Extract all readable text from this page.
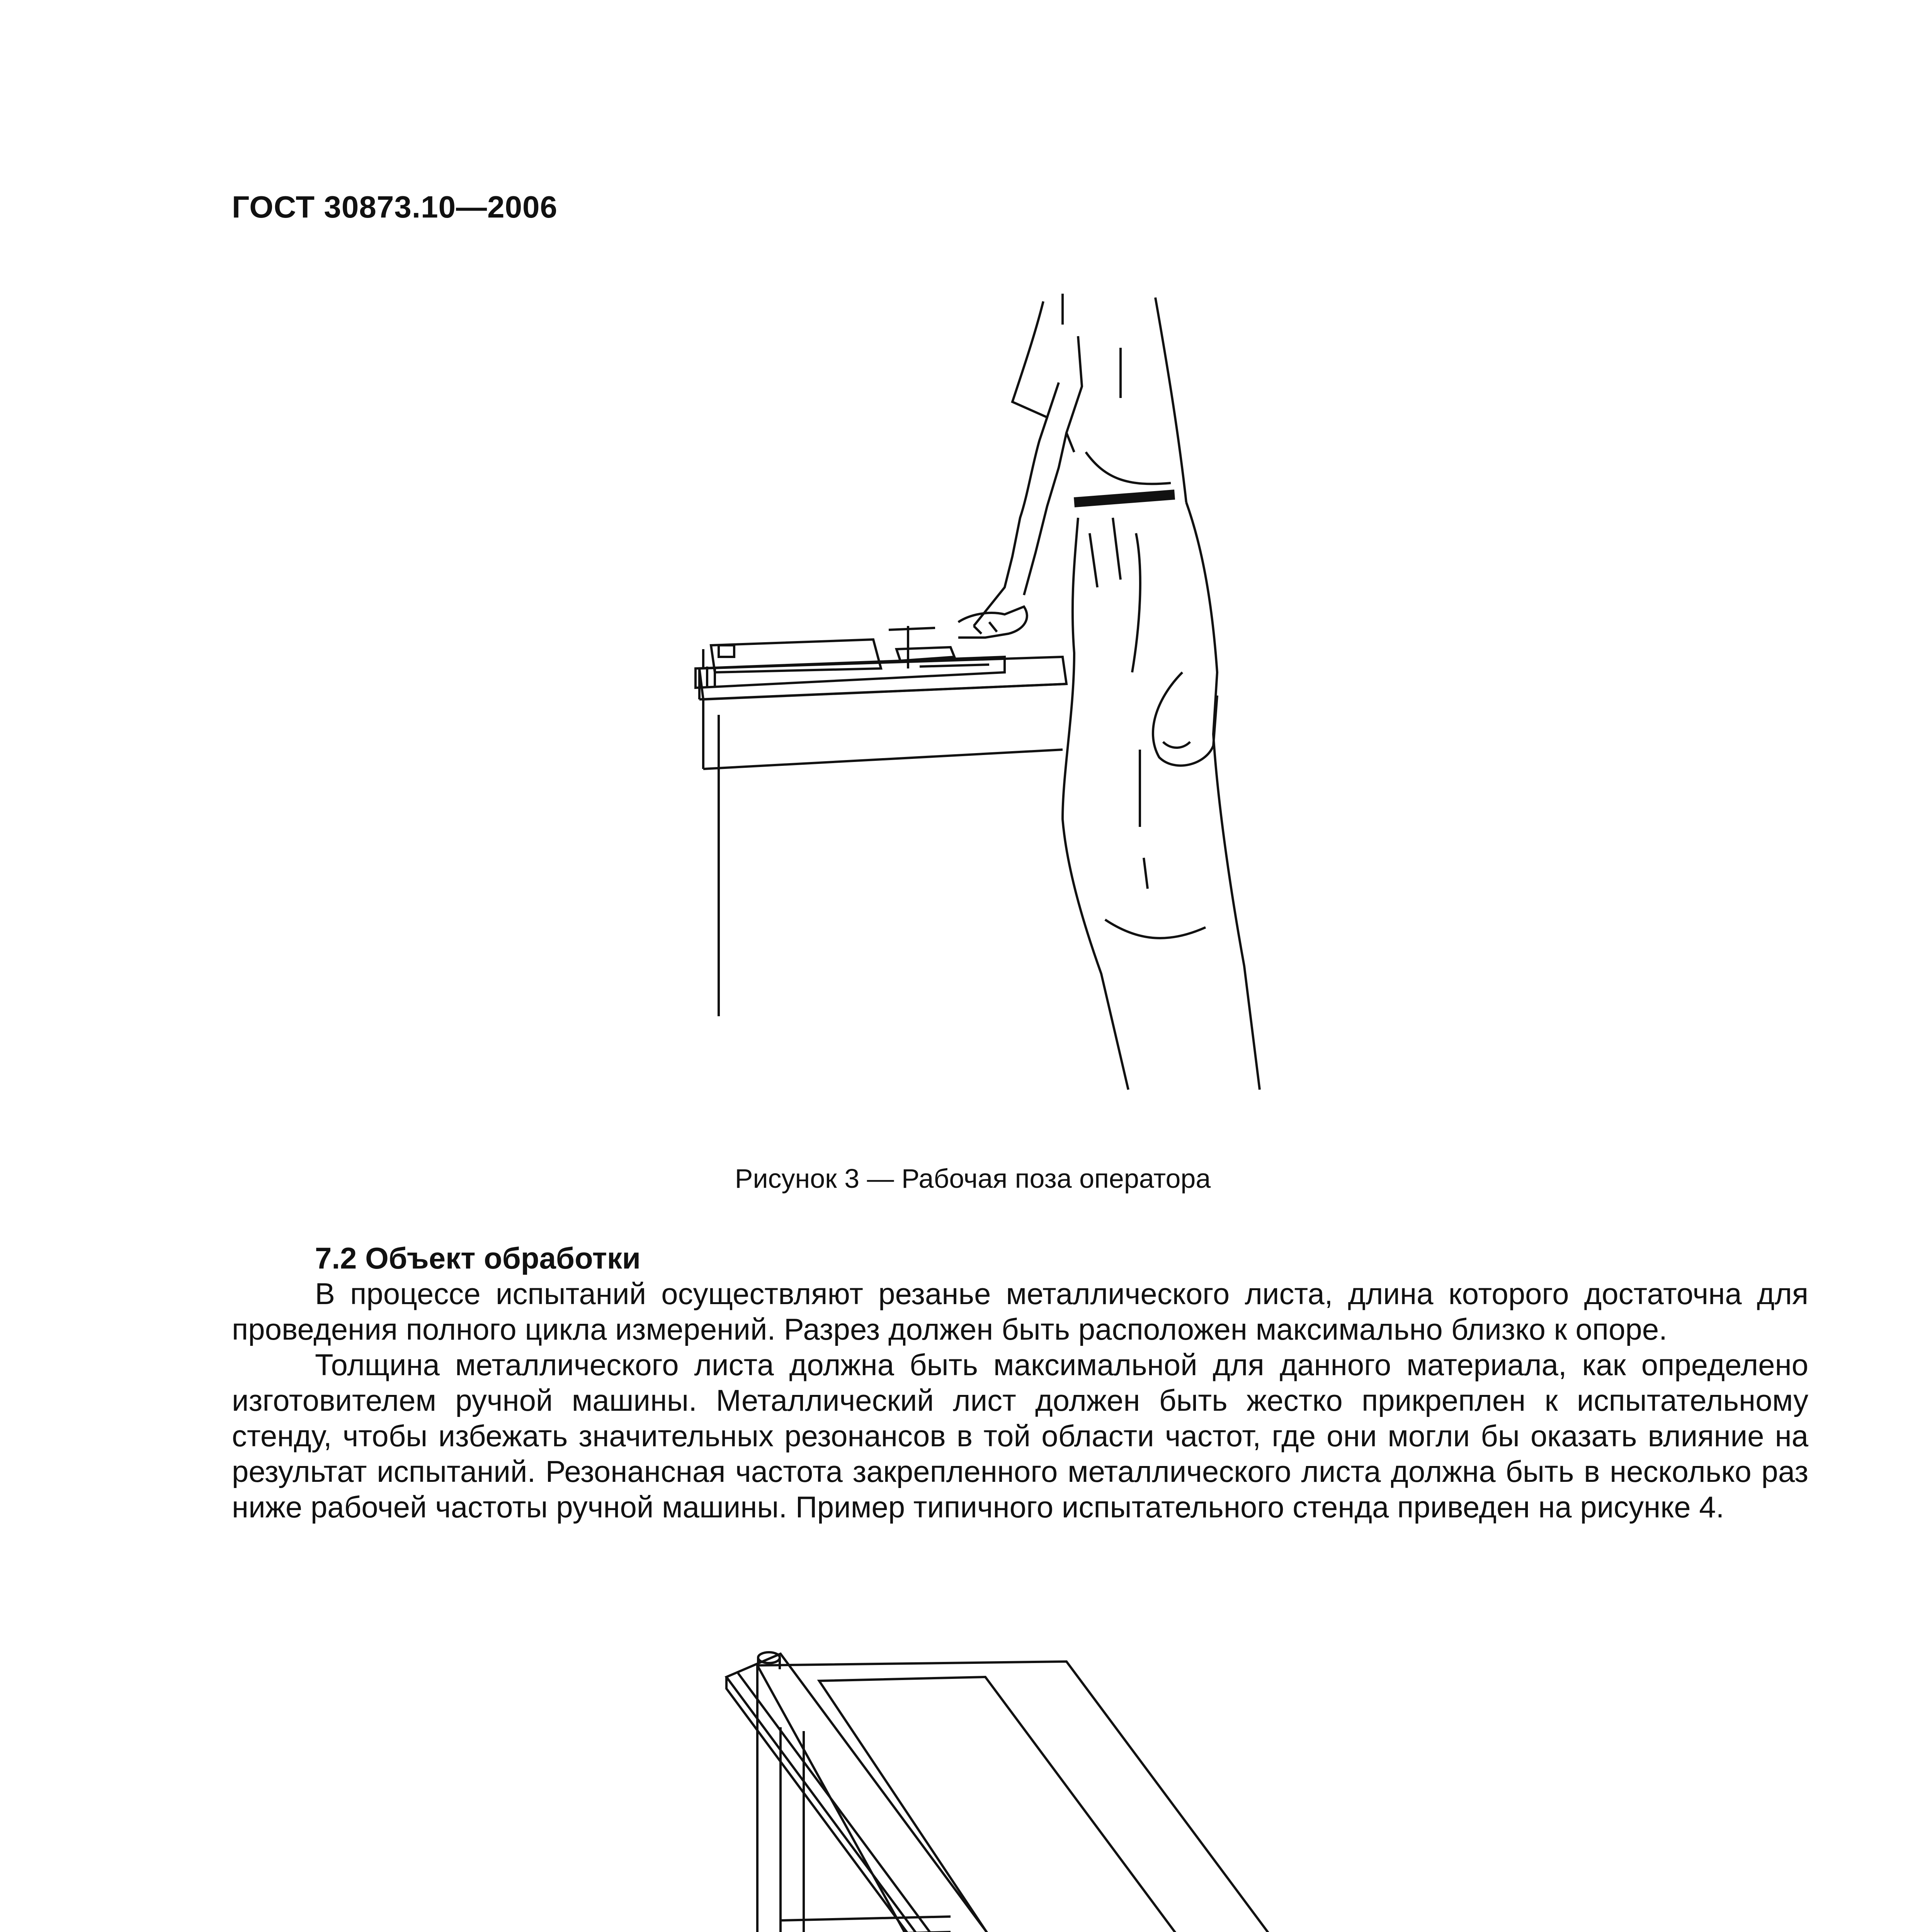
ГОСТ 30873.10—2006
Рисунок 3 — Рабочая поза оператора

7.2 Объект обработки

В процессе испытаний осуществляют резанье металлического листа, длина которого достаточна для проведения полного цикла измерений. Разрез должен быть расположен максимально близко к опоре.

Толщина металлического листа должна быть максимальной для данного материала, как определено изготовителем ручной машины. Металлический лист должен быть жестко прикреплен к испытательному стенду, чтобы избежать значительных резонансов в той области частот, где они могли бы оказать влияние на результат испытаний. Резонансная частота закрепленного металлического листа должна быть в несколько раз ниже рабочей частоты ручной машины. Пример типичного испытательного стенда приведен на рисунке 4.
